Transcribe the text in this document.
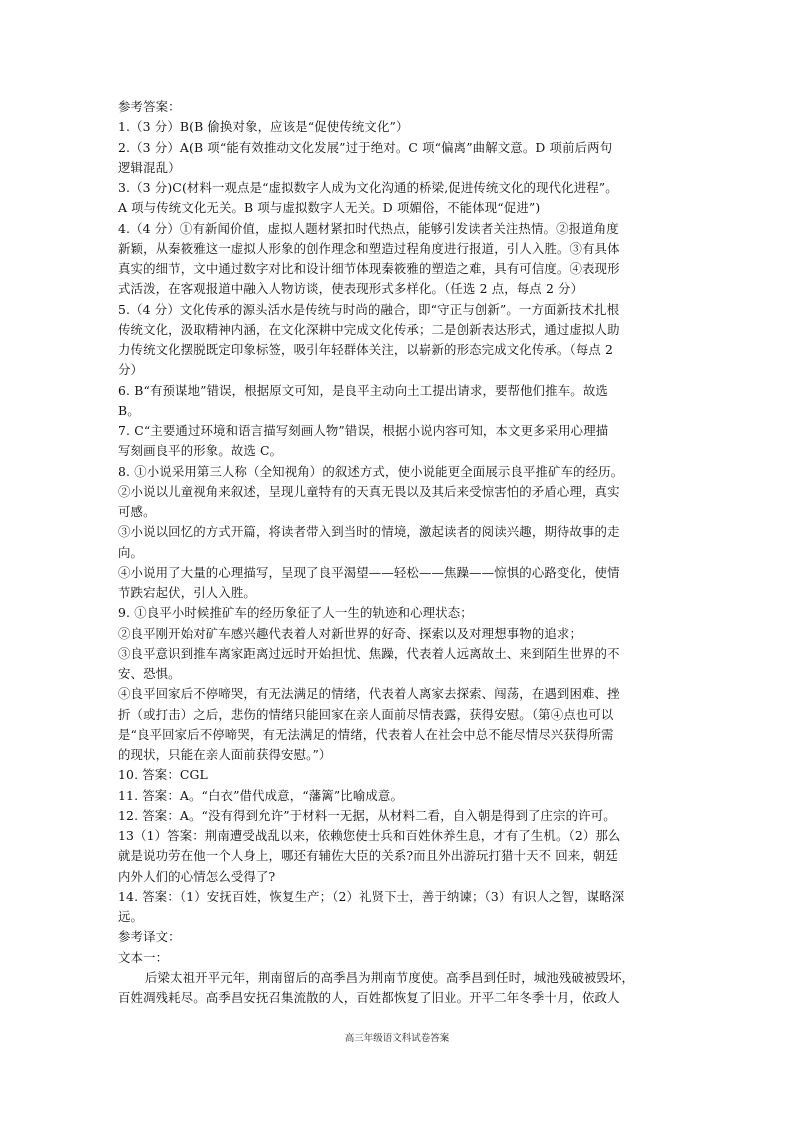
参考答案：
1.（3 分）B(B 偷换对象，应该是“促使传统文化”）
2.（3 分）A(B 项“能有效推动文化发展”过于绝对。C 项“偏离”曲解文意。D 项前后两句
逻辑混乱）
3.（3 分)C(材料一观点是“虚拟数字人成为文化沟通的桥梁,促进传统文化的现代化进程”。
A 项与传统文化无关。B 项与虚拟数字人无关。D 项媚俗，不能体现“促进”)
4.（4 分）①有新闻价值，虚拟人题材紧扣时代热点，能够引发读者关注热情。②报道角度
新颖，从秦筱雅这一虚拟人形象的创作理念和塑造过程角度进行报道，引人入胜。③有具体
真实的细节，文中通过数字对比和设计细节体现秦筱雅的塑造之难，具有可信度。④表现形
式活泼，在客观报道中融入人物访谈，使表现形式多样化。（任选 2 点，每点 2 分）
5.（4 分）文化传承的源头活水是传统与时尚的融合，即“守正与创新”。一方面新技术扎根
传统文化，汲取精神内涵，在文化深耕中完成文化传承；二是创新表达形式，通过虚拟人助
力传统文化摆脱既定印象标签，吸引年轻群体关注，以崭新的形态完成文化传承。（每点 2
分）
6. B“有预谋地”错误，根据原文可知，是良平主动向土工提出请求，要帮他们推车。故选
B。
7. C“主要通过环境和语言描写刻画人物”错误，根据小说内容可知，本文更多采用心理描
写刻画良平的形象。故选 C。
8. ①小说采用第三人称（全知视角）的叙述方式，使小说能更全面展示良平推矿车的经历。
②小说以儿童视角来叙述，呈现儿童特有的天真无畏以及其后来受惊害怕的矛盾心理，真实
可感。
③小说以回忆的方式开篇，将读者带入到当时的情境，激起读者的阅读兴趣，期待故事的走
向。
④小说用了大量的心理描写，呈现了良平渴望——轻松——焦躁——惊惧的心路变化，使情
节跌宕起伏，引人入胜。
9. ①良平小时候推矿车的经历象征了人一生的轨迹和心理状态；
②良平刚开始对矿车感兴趣代表着人对新世界的好奇、探索以及对理想事物的追求；
③良平意识到推车离家距离过远时开始担忧、焦躁，代表着人远离故土、来到陌生世界的不
安、恐惧。
④良平回家后不停啼哭，有无法满足的情绪，代表着人离家去探索、闯荡，在遇到困难、挫
折（或打击）之后，悲伤的情绪只能回家在亲人面前尽情表露，获得安慰。（第④点也可以
是“良平回家后不停啼哭，有无法满足的情绪，代表着人在社会中总不能尽情尽兴获得所需
的现状，只能在亲人面前获得安慰。”）
10. 答案：CGL
11. 答案：A。“白衣”借代成意，“藩篱”比喻成意。
12. 答案：A。“没有得到允许”于材料一无据，从材料二看，自入朝是得到了庄宗的许可。
13（1）答案：荆南遭受战乱以来，依赖您使士兵和百姓休养生息，才有了生机。（2）那么
就是说功劳在他一个人身上，哪还有辅佐大臣的关系?而且外出游玩打猎十天不 回来，朝廷
内外人们的心情怎么受得了?
14. 答案：（1）安抚百姓，恢复生产；（2）礼贤下士，善于纳谏；（3）有识人之智，谋略深
远。
参考译文：
文本一：
后梁太祖开平元年，荆南留后的高季昌为荆南节度使。高季昌到任时，城池残破被毁坏，
百姓凋残耗尽。高季昌安抚召集流散的人，百姓都恢复了旧业。开平二年冬季十月，依政人
高三年级语文科试卷答案
